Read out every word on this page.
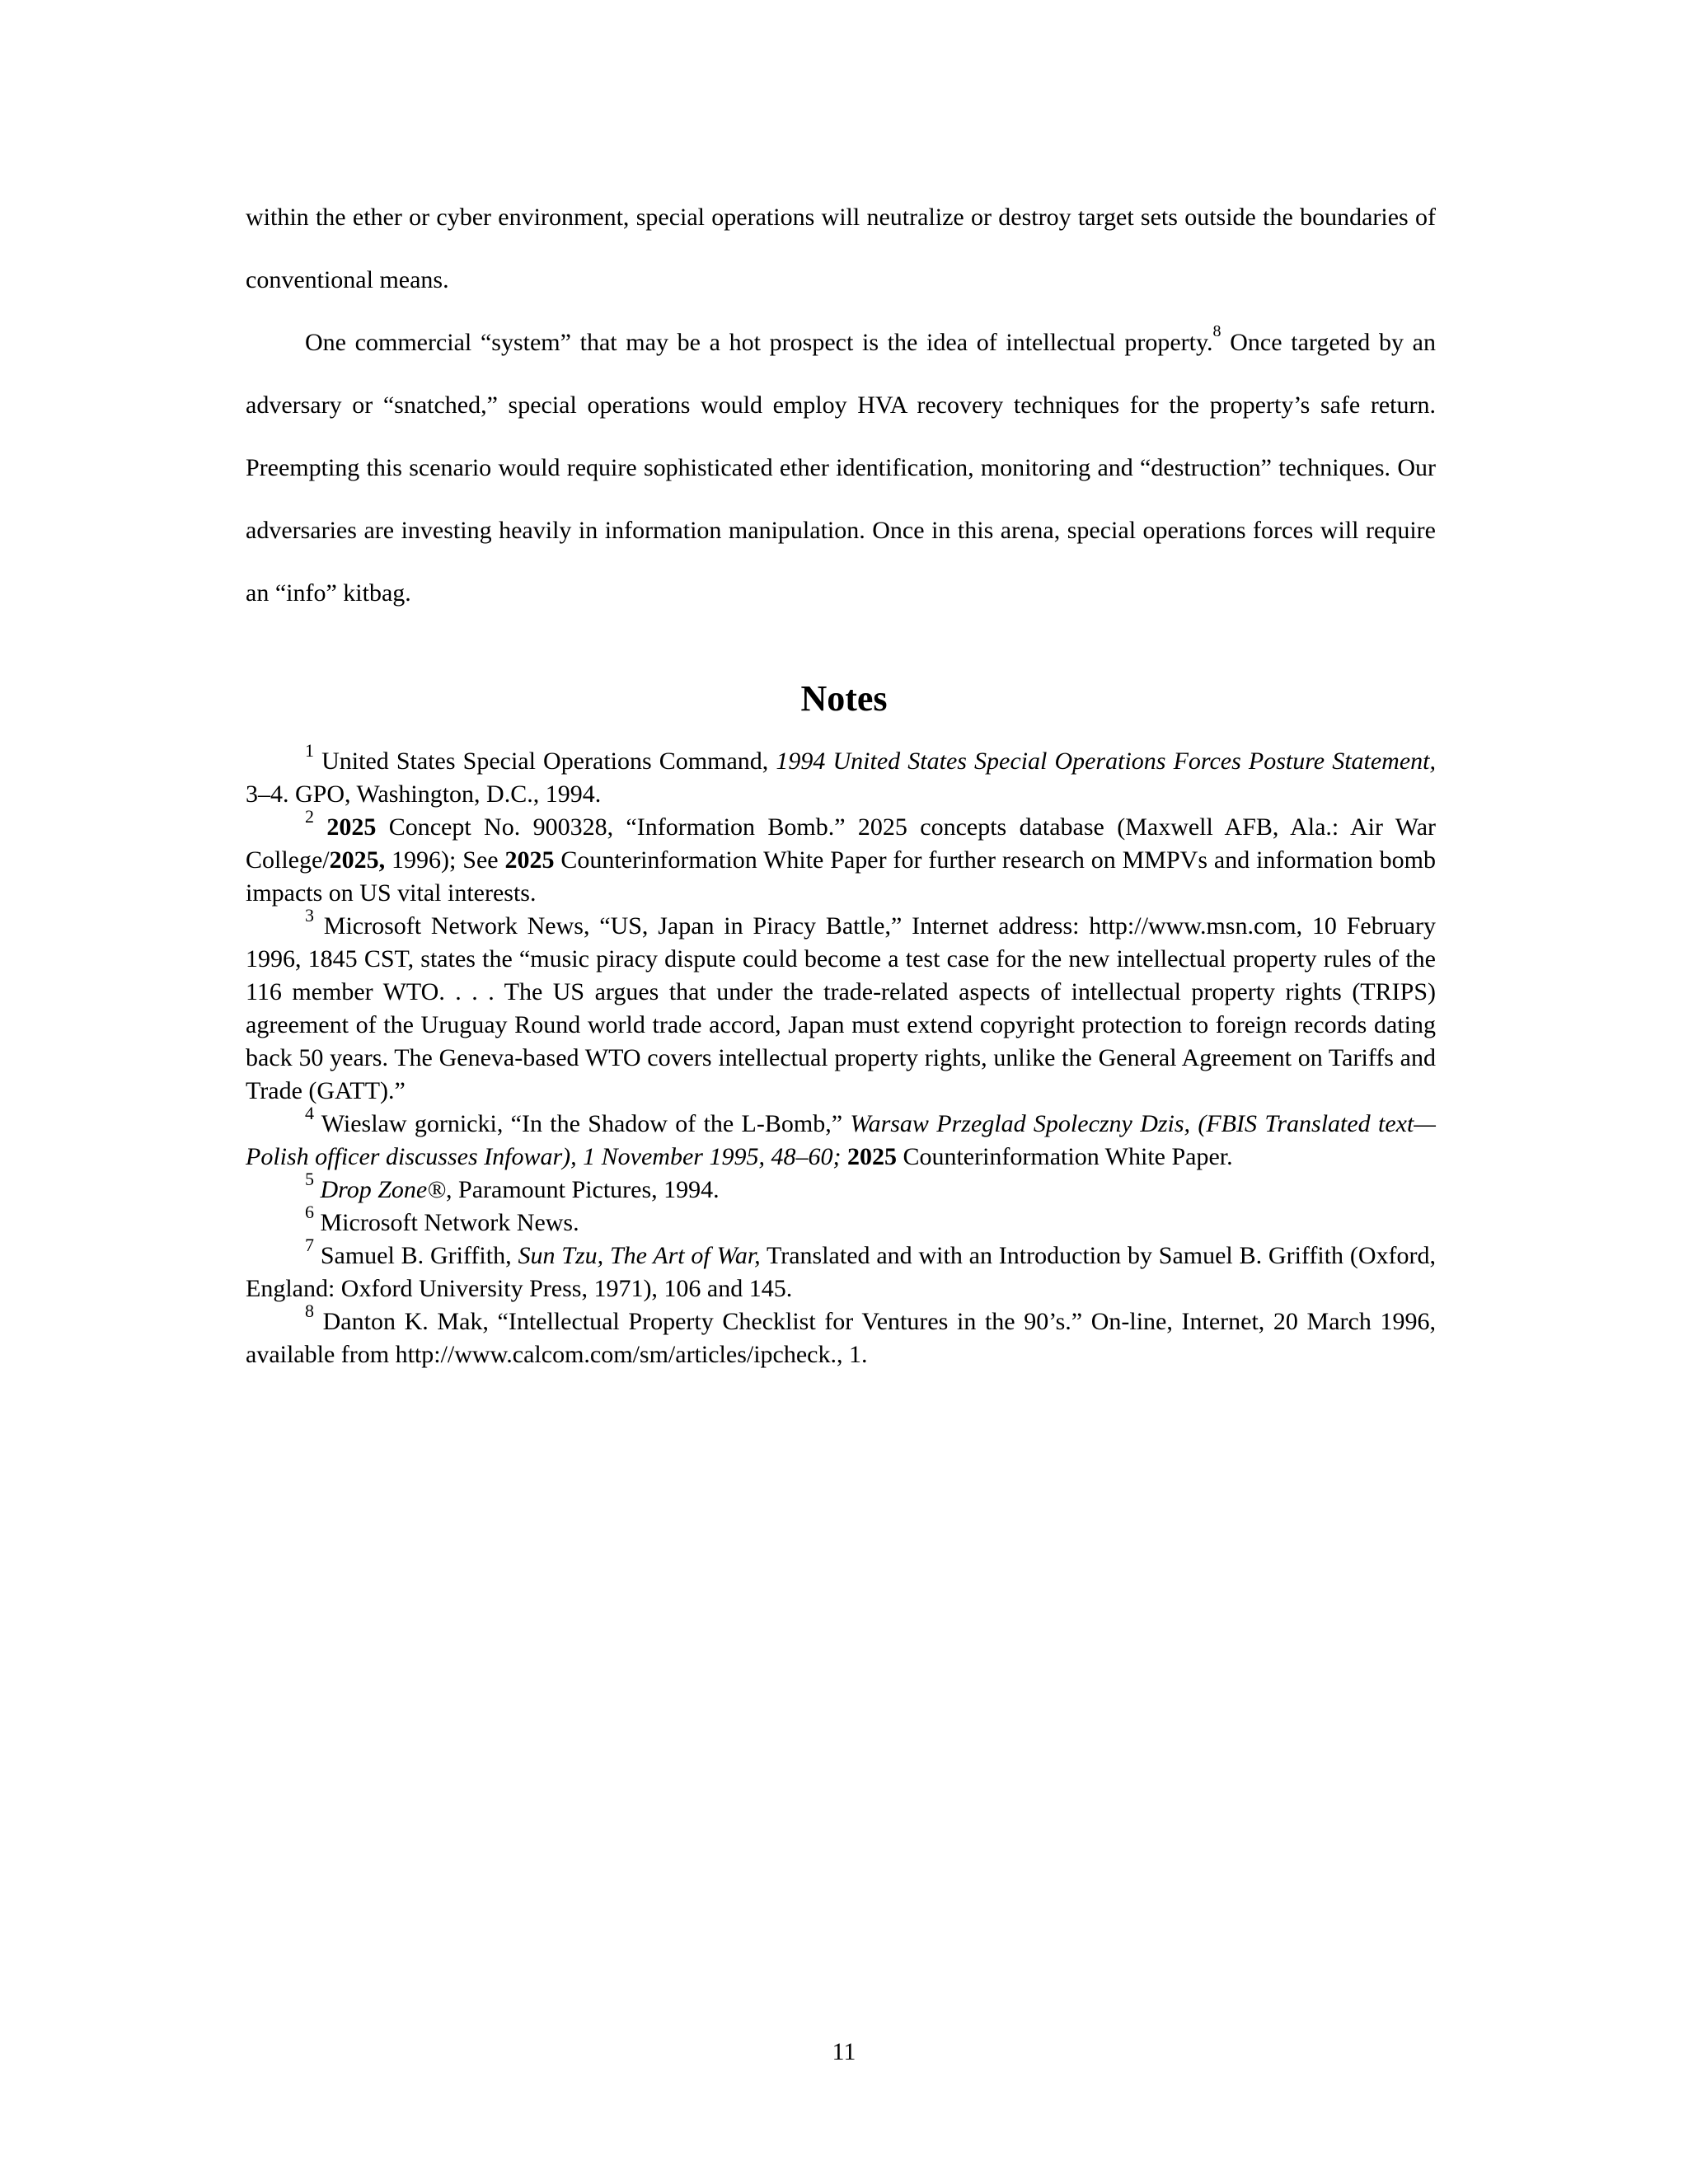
within the ether or cyber environment, special operations will neutralize or destroy target sets outside the boundaries of conventional means.

One commercial “system” that may be a hot prospect is the idea of intellectual property.$^8$ Once targeted by an adversary or “snatched,” special operations would employ HVA recovery techniques for the property’s safe return. Preempting this scenario would require sophisticated ether identification, monitoring and “destruction” techniques. Our adversaries are investing heavily in information manipulation. Once in this arena, special operations forces will require an “info” kitbag.

Notes

$^1$ United States Special Operations Command, 1994 United States Special Operations Forces Posture Statement, 3–4. GPO, Washington, D.C., 1994.

$^2$ 2025 Concept No. 900328, “Information Bomb.” 2025 concepts database (Maxwell AFB, Ala.: Air War College/2025, 1996); See 2025 Counterinformation White Paper for further research on MMPVs and information bomb impacts on US vital interests.

$^3$ Microsoft Network News, “US, Japan in Piracy Battle,” Internet address: http://www.msn.com, 10 February 1996, 1845 CST, states the “music piracy dispute could become a test case for the new intellectual property rules of the 116 member WTO. . . . The US argues that under the trade-related aspects of intellectual property rights (TRIPS) agreement of the Uruguay Round world trade accord, Japan must extend copyright protection to foreign records dating back 50 years. The Geneva-based WTO covers intellectual property rights, unlike the General Agreement on Tariffs and Trade (GATT).”

$^4$ Wieslaw gornicki, “In the Shadow of the L-Bomb,” Warsaw Przeglad Spoleczny Dzis, (FBIS Translated text—Polish officer discusses Infowar), 1 November 1995, 48–60; 2025 Counterinformation White Paper.

$^5$ Drop Zone®, Paramount Pictures, 1994.

$^6$ Microsoft Network News.

$^7$ Samuel B. Griffith, Sun Tzu, The Art of War, Translated and with an Introduction by Samuel B. Griffith (Oxford, England: Oxford University Press, 1971), 106 and 145.

$^8$ Danton K. Mak, “Intellectual Property Checklist for Ventures in the 90’s.” On-line, Internet, 20 March 1996, available from http://www.calcom.com/sm/articles/ipcheck., 1.

11
